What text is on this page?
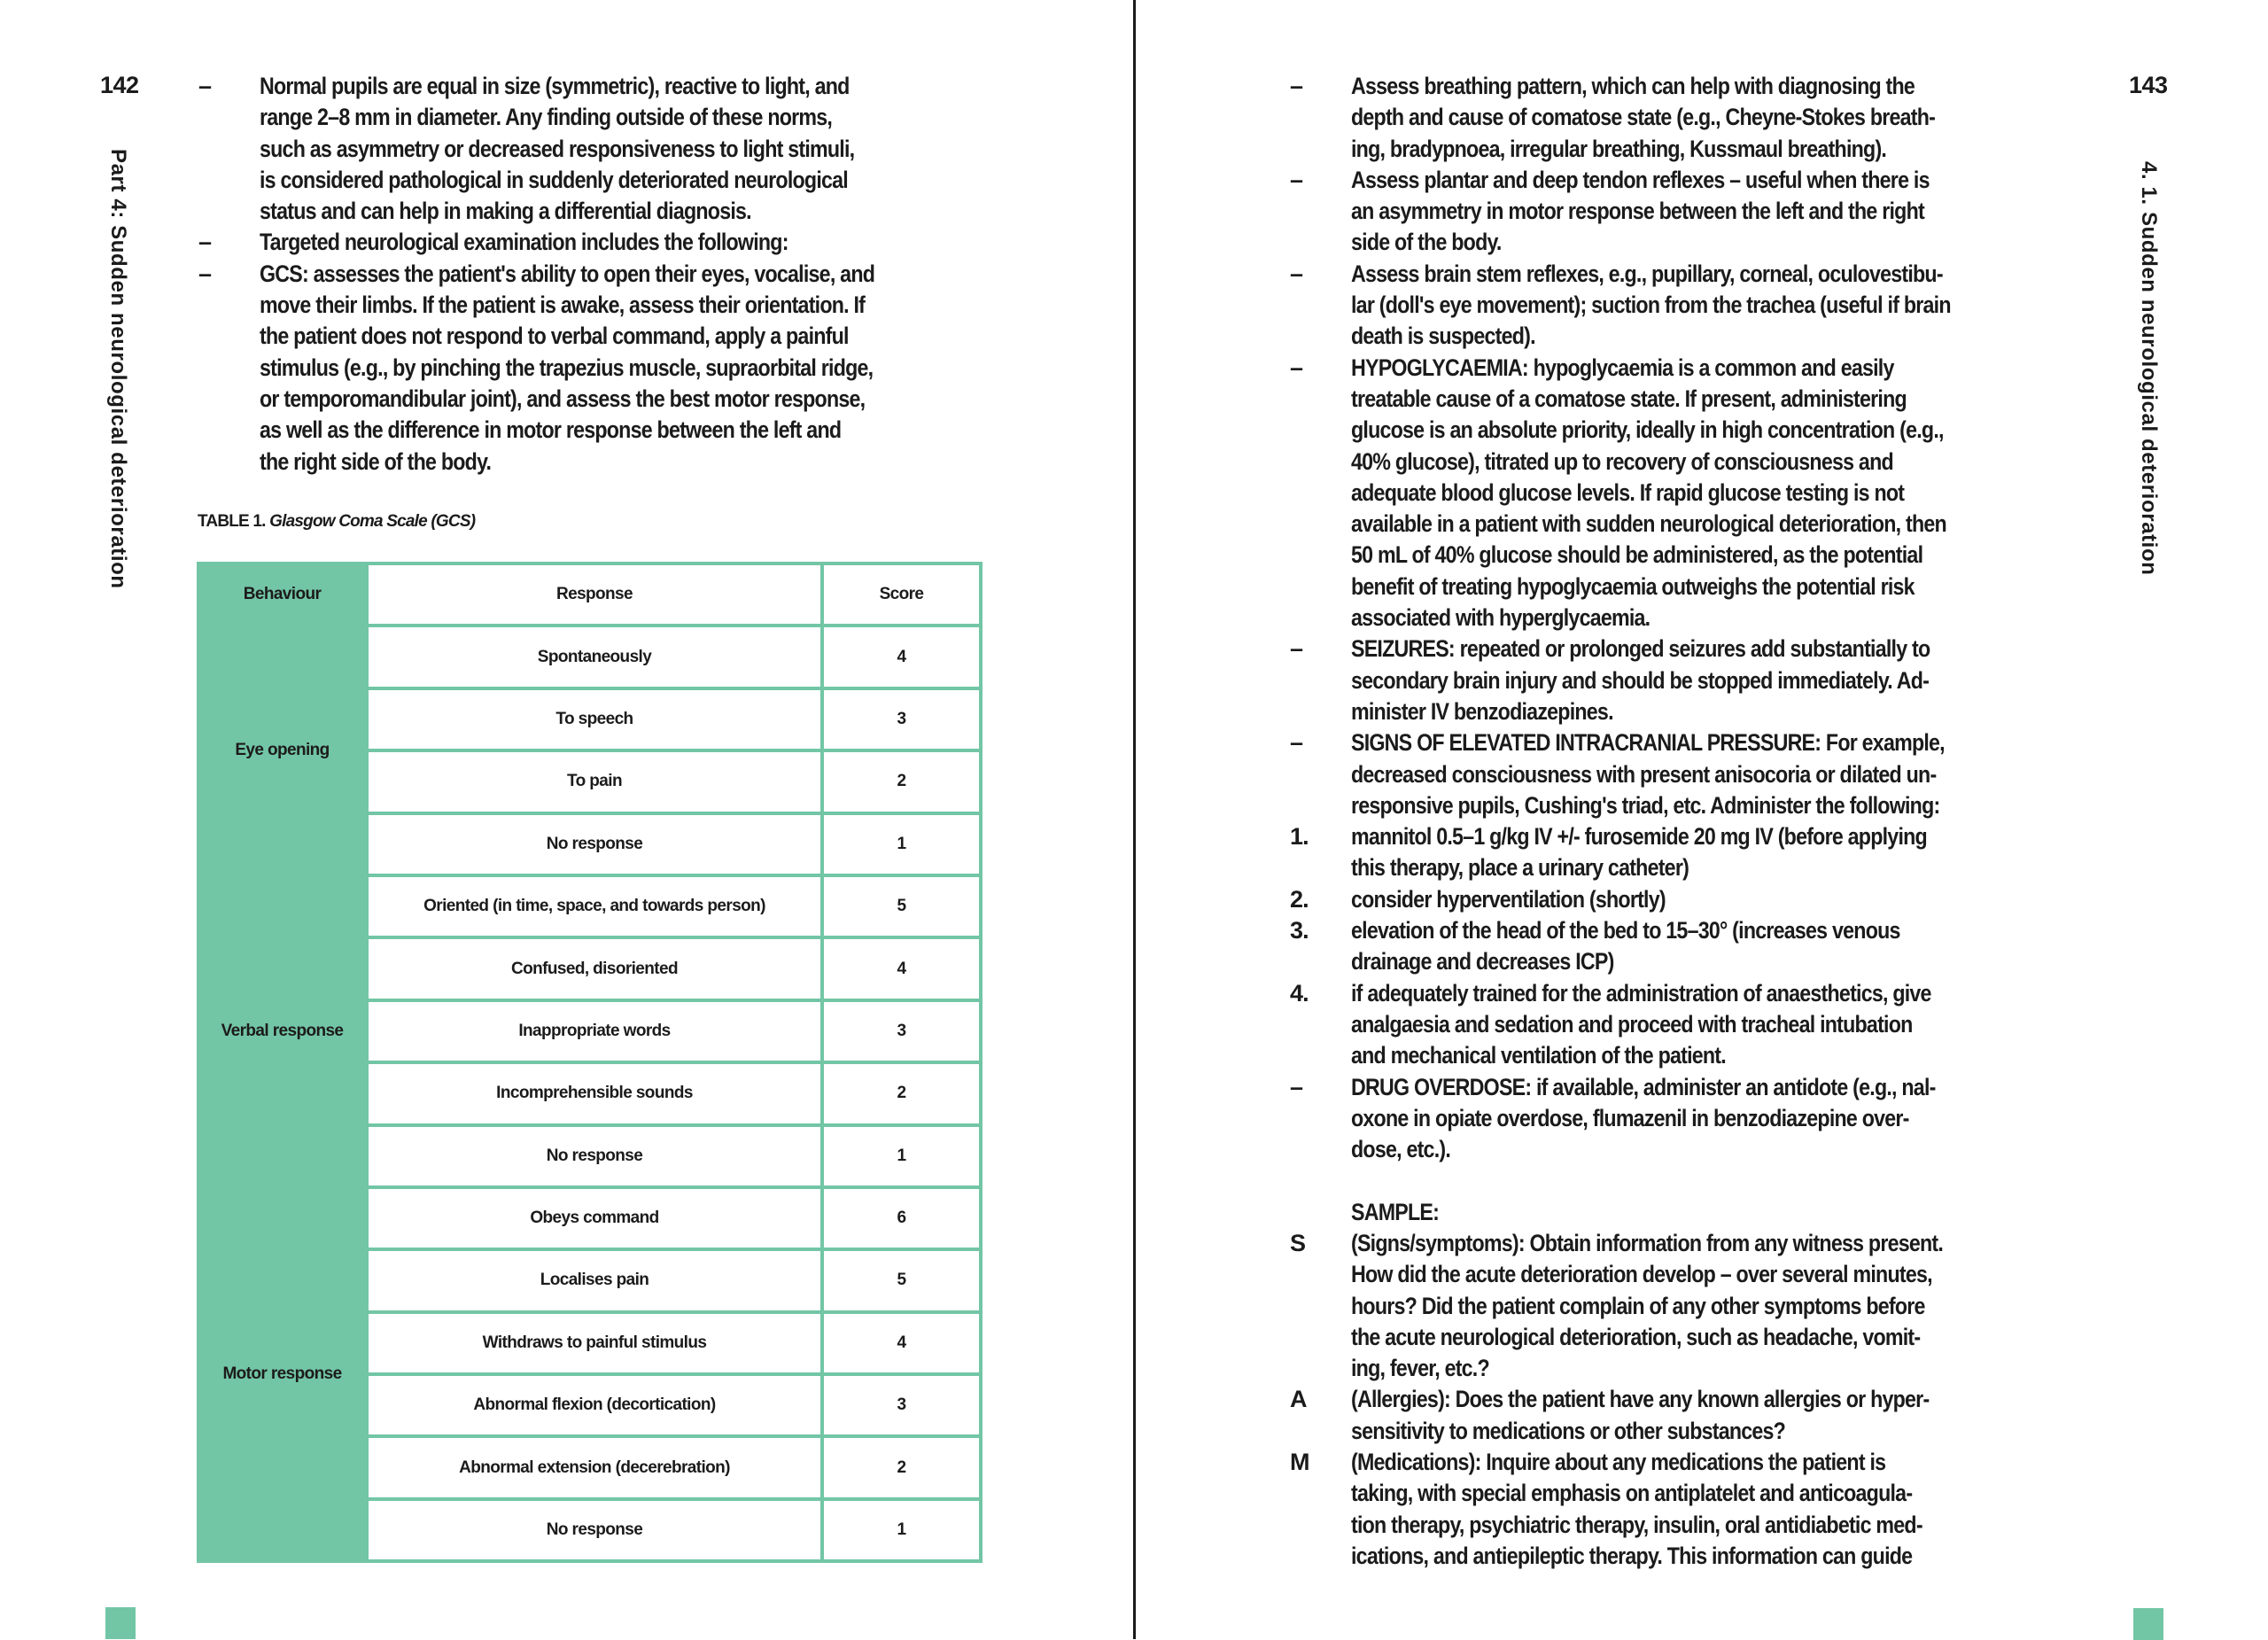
142
Part 4: Sudden neurological deterioration
– Normal pupils are equal in size (symmetric), reactive to light, and
range 2–8 mm in diameter. Any finding outside of these norms,
such as asymmetry or decreased responsiveness to light stimuli,
is considered pathological in suddenly deteriorated neurological
status and can help in making a differential diagnosis.
– Targeted neurological examination includes the following:
– GCS: assesses the patient's ability to open their eyes, vocalise, and
move their limbs. If the patient is awake, assess their orientation. If
the patient does not respond to verbal command, apply a painful
stimulus (e.g., by pinching the trapezius muscle, supraorbital ridge,
or temporomandibular joint), and assess the best motor response,
as well as the difference in motor response between the left and
the right side of the body.
TABLE 1. Glasgow Coma Scale (GCS)
Behaviour	Response	Score
Eye opening	Spontaneously	4
	To speech	3
	To pain	2
	No response	1
Verbal response	Oriented (in time, space, and towards person)	5
	Confused, disoriented	4
	Inappropriate words	3
	Incomprehensible sounds	2
	No response	1
Motor response	Obeys command	6
	Localises pain	5
	Withdraws to painful stimulus	4
	Abnormal flexion (decortication)	3
	Abnormal extension (decerebration)	2
	No response	1
143
4. 1. Sudden neurological deterioration
– Assess breathing pattern, which can help with diagnosing the
depth and cause of comatose state (e.g., Cheyne-Stokes breath-
ing, bradypnoea, irregular breathing, Kussmaul breathing).
– Assess plantar and deep tendon reflexes – useful when there is
an asymmetry in motor response between the left and the right
side of the body.
– Assess brain stem reflexes, e.g., pupillary, corneal, oculovestibu-
lar (doll's eye movement); suction from the trachea (useful if brain
death is suspected).
– HYPOGLYCAEMIA: hypoglycaemia is a common and easily
treatable cause of a comatose state. If present, administering
glucose is an absolute priority, ideally in high concentration (e.g.,
40% glucose), titrated up to recovery of consciousness and
adequate blood glucose levels. If rapid glucose testing is not
available in a patient with sudden neurological deterioration, then
50 mL of 40% glucose should be administered, as the potential
benefit of treating hypoglycaemia outweighs the potential risk
associated with hyperglycaemia.
– SEIZURES: repeated or prolonged seizures add substantially to
secondary brain injury and should be stopped immediately. Ad-
minister IV benzodiazepines.
– SIGNS OF ELEVATED INTRACRANIAL PRESSURE: For example,
decreased consciousness with present anisocoria or dilated un-
responsive pupils, Cushing's triad, etc. Administer the following:
1. mannitol 0.5–1 g/kg IV +/- furosemide 20 mg IV (before applying
this therapy, place a urinary catheter)
2. consider hyperventilation (shortly)
3. elevation of the head of the bed to 15–30° (increases venous
drainage and decreases ICP)
4. if adequately trained for the administration of anaesthetics, give
analgaesia and sedation and proceed with tracheal intubation
and mechanical ventilation of the patient.
– DRUG OVERDOSE: if available, administer an antidote (e.g., nal-
oxone in opiate overdose, flumazenil in benzodiazepine over-
dose, etc.).
SAMPLE:
S (Signs/symptoms): Obtain information from any witness present.
How did the acute deterioration develop – over several minutes,
hours? Did the patient complain of any other symptoms before
the acute neurological deterioration, such as headache, vomit-
ing, fever, etc.?
A (Allergies): Does the patient have any known allergies or hyper-
sensitivity to medications or other substances?
M (Medications): Inquire about any medications the patient is
taking, with special emphasis on antiplatelet and anticoagula-
tion therapy, psychiatric therapy, insulin, oral antidiabetic med-
ications, and antiepileptic therapy. This information can guide
